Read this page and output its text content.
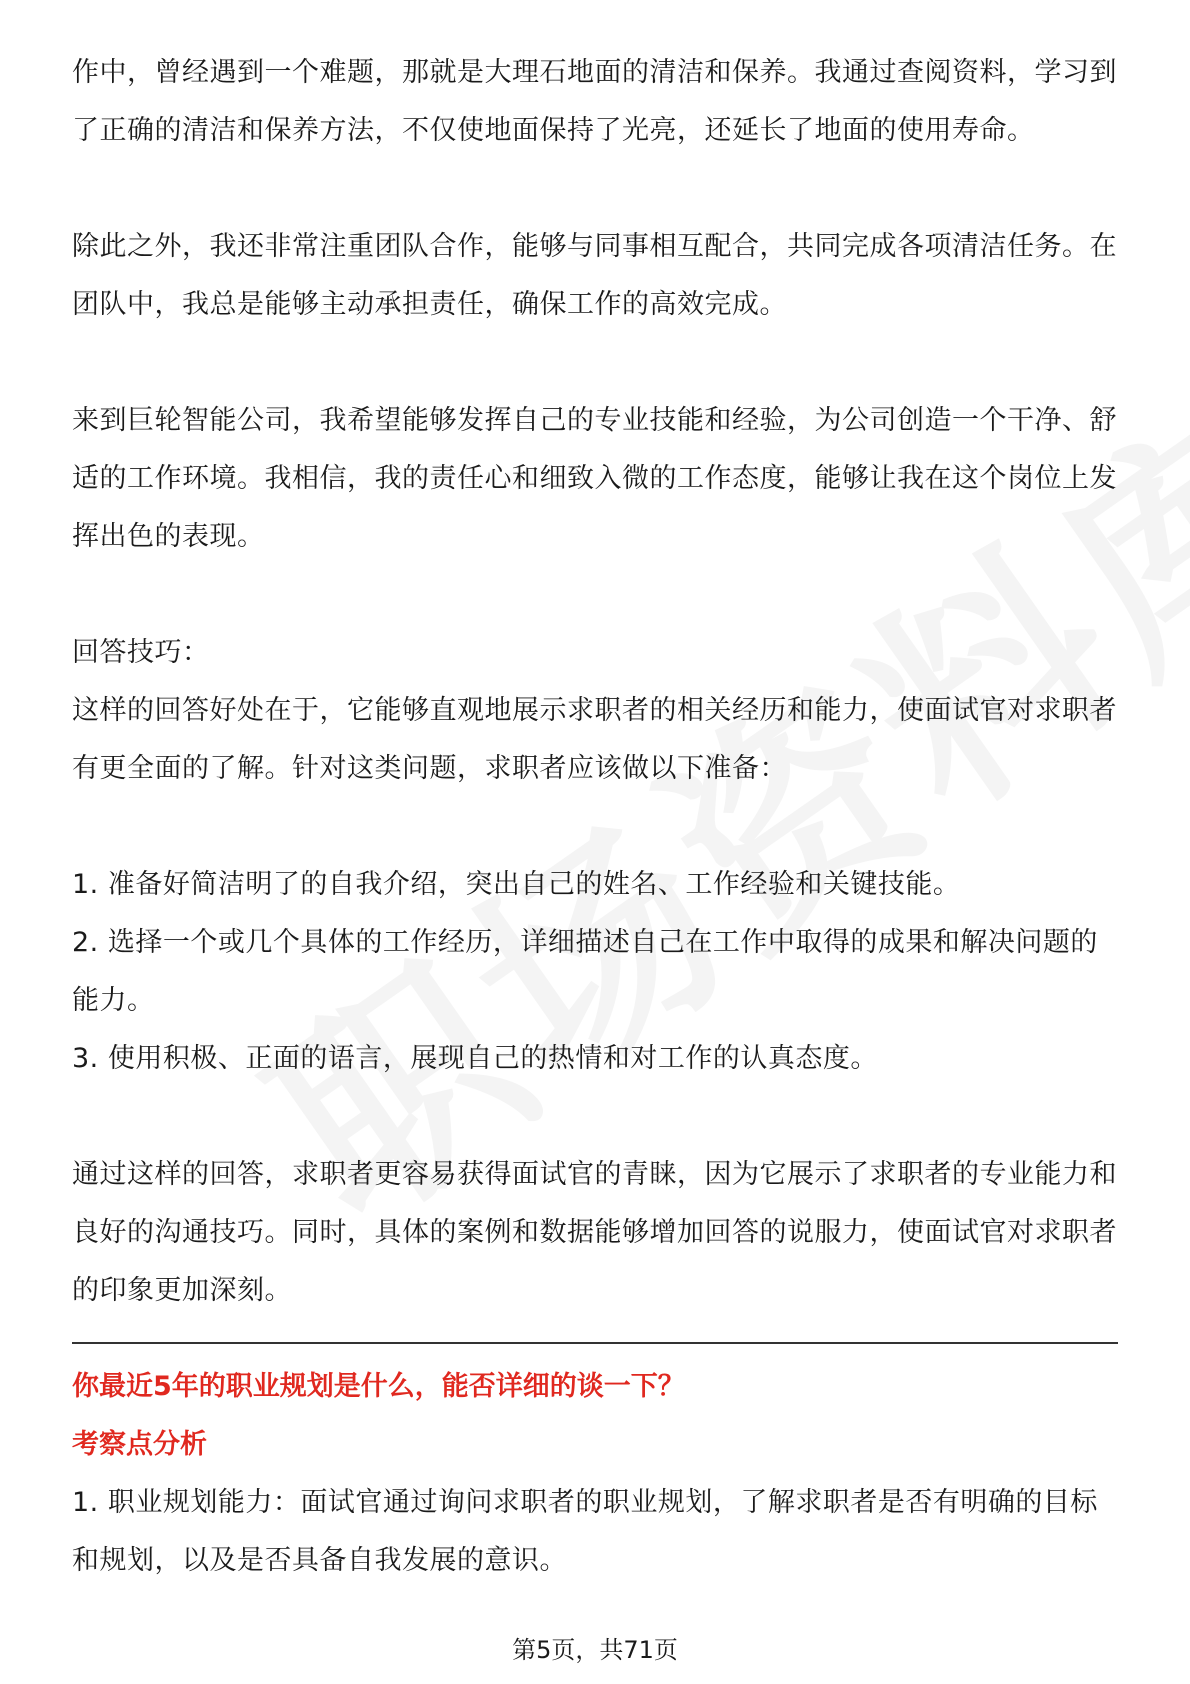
作中，曾经遇到一个难题，那就是大理石地面的清洁和保养。我通过查阅资料，学习到了正确的清洁和保养方法，不仅使地面保持了光亮，还延长了地面的使用寿命。

除此之外，我还非常注重团队合作，能够与同事相互配合，共同完成各项清洁任务。在团队中，我总是能够主动承担责任，确保工作的高效完成。

来到巨轮智能公司，我希望能够发挥自己的专业技能和经验，为公司创造一个干净、舒适的工作环境。我相信，我的责任心和细致入微的工作态度，能够让我在这个岗位上发挥出色的表现。

回答技巧：

这样的回答好处在于，它能够直观地展示求职者的相关经历和能力，使面试官对求职者有更全面的了解。针对这类问题，求职者应该做以下准备：

1. 准备好简洁明了的自我介绍，突出自己的姓名、工作经验和关键技能。

2. 选择一个或几个具体的工作经历，详细描述自己在工作中取得的成果和解决问题的能力。

3. 使用积极、正面的语言，展现自己的热情和对工作的认真态度。

通过这样的回答，求职者更容易获得面试官的青睐，因为它展示了求职者的专业能力和良好的沟通技巧。同时，具体的案例和数据能够增加回答的说服力，使面试官对求职者的印象更加深刻。

你最近5年的职业规划是什么，能否详细的谈一下？

考察点分析

1. 职业规划能力：面试官通过询问求职者的职业规划，了解求职者是否有明确的目标和规划，以及是否具备自我发展的意识。

第5页，共71页
